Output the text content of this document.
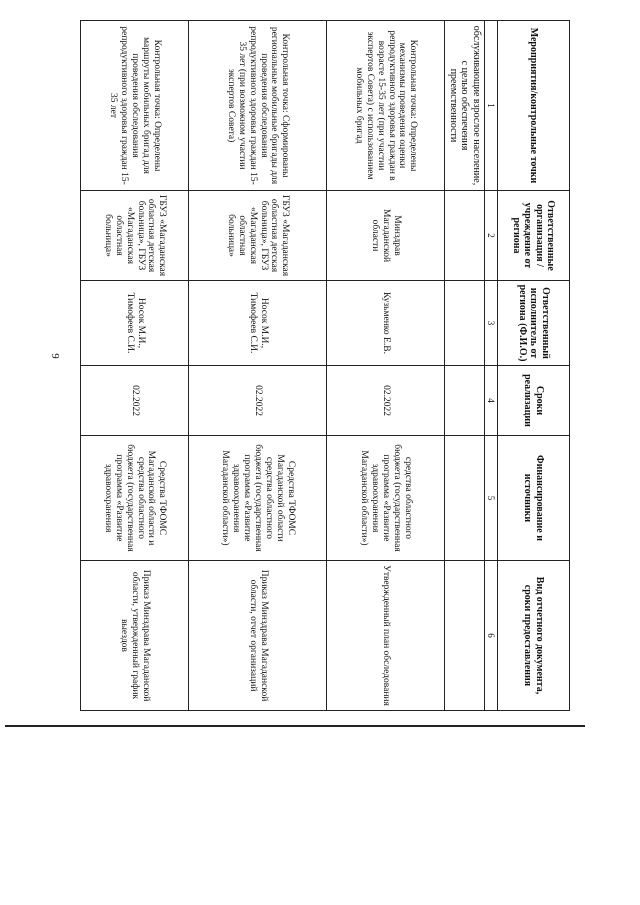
9
Мероприятия/контрольные точки	Ответственные организация / учреждение от региона	Ответственный исполнитель от региона (Ф.И.О.)	Сроки реализации	Финансирование и источники	Вид отчетного документа, сроки предоставления
1	2	3	4	5	6
обслуживающие взрослое население, с целью обеспечения преемственности					
Контрольная точка: Определены механизмы проведения оценки репродуктивного здоровья граждан в возрасте 15-35 лет (при участии экспертов Совета) с использованием мобильных бригад	Минздрав Магаданской области	Кузьменко Е.В.	02.2022	средства областного бюджета (государственная программа «Развитие здравоохранения Магаданской области»)	Утвержденный план обследования
Контрольная точка: Сформированы региональные мобильные бригады для проведения обследования репродуктивного здоровья граждан 15-35 лет (при возможном участии экспертов Совета)	ГБУЗ «Магаданская областная детская больница», ГБУЗ «Магаданская областная больница»	Носок М.И., Тимофеев С.И.	02.2022	Средства ТФОМС Магаданской области средства областного бюджета (государственная программа «Развитие здравоохранения Магаданской области»)	Приказ Минздрава Магаданской области, отчет организаций
Контрольная точка: Определены маршруты мобильных бригад для проведения обследования репродуктивного здоровья граждан 15-35 лет	ГБУЗ «Магаданская областная детская больница», ГБУЗ «Магаданская областная больница»	Носок М.И., Тимофеев С.И.	02.2022	Средства ТФОМС Магаданской области и средства областного бюджета (государственная программа «Развитие здравоохранения	Приказ Минздрава Магаданской области, утвержденный график выездов
